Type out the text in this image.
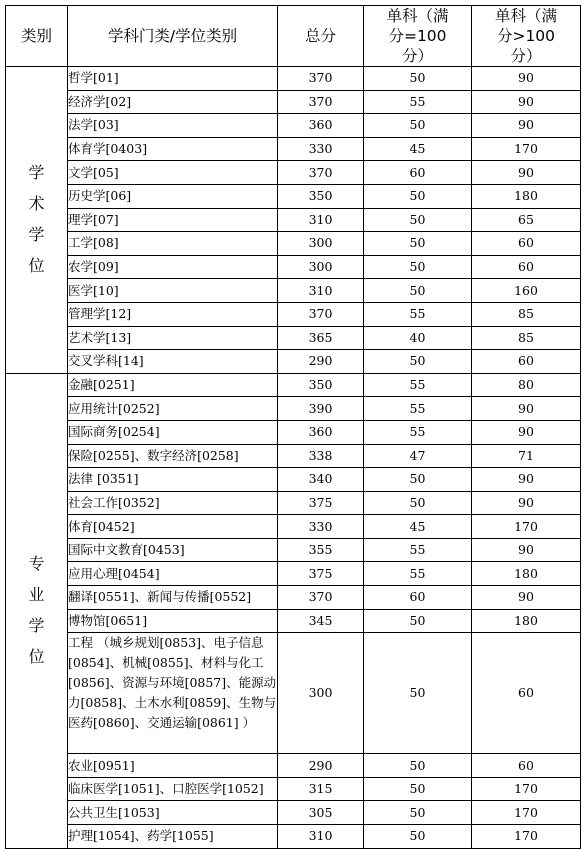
类别	学科门类/学位类别	总分	单科（满分=100分）	单科（满分>100分）

学
术
学
位	哲学[01]	370	50	90
	经济学[02]	370	55	90
	法学[03]	360	50	90
	体育学[0403]	330	45	170
	文学[05]	370	60	90
	历史学[06]	350	50	180
	理学[07]	310	50	65
	工学[08]	300	50	60
	农学[09]	300	50	60
	医学[10]	310	50	160
	管理学[12]	370	55	85
	艺术学[13]	365	40	85
	交叉学科[14]	290	50	60

专
业
学
位	金融[0251]	350	55	80
	应用统计[0252]	390	55	90
	国际商务[0254]	360	55	90
	保险[0255]、数字经济[0258]	338	47	71
	法律 [0351]	340	50	90
	社会工作[0352]	375	50	90
	体育[0452]	330	45	170
	国际中文教育[0453]	355	55	90
	应用心理[0454]	375	55	180
	翻译[0551]、新闻与传播[0552]	370	60	90
	博物馆[0651]	345	50	180
	工程 （城乡规划[0853]、电子信息[0854]、机械[0855]、材料与化工[0856]、资源与环境[0857]、能源动力[0858]、土木水利[0859]、生物与医药[0860]、交通运输[0861] ）	300	50	60
	农业[0951]	290	50	60
	临床医学[1051]、口腔医学[1052]	315	50	170
	公共卫生[1053]	305	50	170
	护理[1054]、药学[1055]	310	50	170
